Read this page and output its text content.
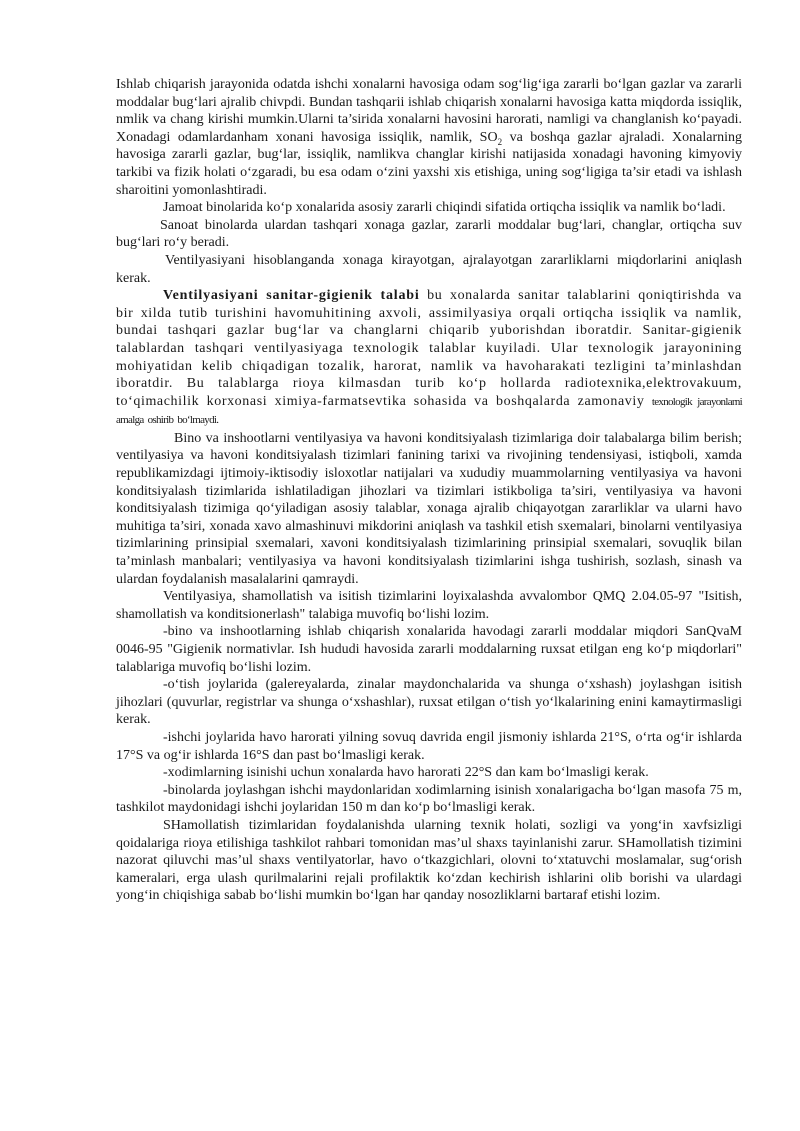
Ishlab chiqarish jarayonida odatda ishchi xonalarni havosiga odam sog‘lig‘iga zararli bo‘lgan gazlar va zararli moddalar bug‘lari ajralib chivpdi. Bundan tashqarii ishlab chiqarish xonalarni havosiga katta miqdorda issiqlik, nmlik va chang kirishi mumkin.Ularni ta’sirida xonalarni havosini harorati, namligi va changlanish ko‘payadi. Xonadagi odamlardanham xonani havosiga issiqlik, namlik, $SO_2$ va boshqa gazlar ajraladi. Xonalarning havosiga zararli gazlar, bug‘lar, issiqlik, namlikva changlar kirishi natijasida xonadagi havoning kimyoviy tarkibi va fizik holati o‘zgaradi, bu esa odam o‘zini yaxshi xis etishiga, uning sog‘ligiga ta’sir etadi va ishlash sharoitini yomonlashtiradi.

Jamoat binolarida ko‘p xonalarida asosiy zararli chiqindi sifatida ortiqcha issiqlik va namlik bo‘ladi.

Sanoat binolarda ulardan tashqari xonaga gazlar, zararli moddalar bug‘lari, changlar, ortiqcha suv bug‘lari ro‘y beradi.

Ventilyasiyani hisoblanganda xonaga kirayotgan, ajralayotgan zararliklarni miqdorlarini aniqlash kerak.

Ventilyasiyani sanitar-gigienik talabi bu xonalarda sanitar talablarini qoniqtirishda va bir xilda tutib turishini havomuhitining axvoli, assimilyasiya orqali ortiqcha issiqlik va namlik, bundai tashqari gazlar bug‘lar va changlarni chiqarib yuborishdan iboratdir. Sanitar-gigienik talablardan tashqari ventilyasiyaga texnologik talablar kuyiladi. Ular texnologik jarayonining mohiyatidan kelib chiqadigan tozalik, harorat, namlik va havoharakati tezligini ta’minlashdan iboratdir. Bu talablarga rioya kilmasdan turib ko‘p hollarda radiotexnika,elektrovakuum, to‘qimachilik korxonasi ximiya-farmatsevtika sohasida va boshqalarda zamonaviy texnologik jarayonlarni amalga oshirib bo‘lmaydi.

Bino va inshootlarni ventilyasiya va havoni konditsiyalash tizimlariga doir talabalarga bilim berish; ventilyasiya va havoni konditsiyalash tizimlari fanining tarixi va rivojining tendensiyasi, istiqboli, xamda republikamizdagi ijtimoiy-iktisodiy isloxotlar natijalari va xududiy muammolarning ventilyasiya va havoni konditsiyalash tizimlarida ishlatiladigan jihozlari va tizimlari istikboliga ta’siri, ventilyasiya va havoni konditsiyalash tizimiga qo‘yiladigan asosiy talablar, xonaga ajralib chiqayotgan zararliklar va ularni havo muhitiga ta’siri, xonada xavo almashinuvi mikdorini aniqlash va tashkil etish sxemalari, binolarni ventilyasiya tizimlarining prinsipial sxemalari, xavoni konditsiyalash tizimlarining prinsipial sxemalari, sovuqlik bilan ta’minlash manbalari; ventilyasiya va havoni konditsiyalash tizimlarini ishga tushirish, sozlash, sinash va ulardan foydalanish masalalarini qamraydi.

Ventilyasiya, shamollatish va isitish tizimlarini loyixalashda avvalombor QMQ 2.04.05-97 "Isitish, shamollatish va konditsionerlash" talabiga muvofiq bo‘lishi lozim.

-bino va inshootlarning ishlab chiqarish xonalarida havodagi zararli moddalar miqdori SanQvaM 0046-95 "Gigienik normativlar. Ish hududi havosida zararli moddalarning ruxsat etilgan eng ko‘p miqdorlari" talablariga muvofiq bo‘lishi lozim.

-o‘tish joylarida (galereyalarda, zinalar maydonchalarida va shunga o‘xshash) joylashgan isitish jihozlari (quvurlar, registrlar va shunga o‘xshashlar), ruxsat etilgan o‘tish yo‘lkalarining enini kamaytirmasligi kerak.

-ishchi joylarida havo harorati yilning sovuq davrida engil jismoniy ishlarda 21°S, o‘rta og‘ir ishlarda 17°S va og‘ir ishlarda 16°S dan past bo‘lmasligi kerak.

-xodimlarning isinishi uchun xonalarda havo harorati 22°S dan kam bo‘lmasligi kerak.

-binolarda joylashgan ishchi maydonlaridan xodimlarning isinish xonalarigacha bo‘lgan masofa 75 m, tashkilot maydonidagi ishchi joylaridan 150 m dan ko‘p bo‘lmasligi kerak.

SHamollatish tizimlaridan foydalanishda ularning texnik holati, sozligi va yong‘in xavfsizligi qoidalariga rioya etilishiga tashkilot rahbari tomonidan mas’ul shaxs tayinlanishi zarur. SHamollatish tizimini nazorat qiluvchi mas’ul shaxs ventilyatorlar, havo o‘tkazgichlari, olovni to‘xtatuvchi moslamalar, sug‘orish kameralari, erga ulash qurilmalarini rejali profilaktik ko‘zdan kechirish ishlarini olib borishi va ulardagi yong‘in chiqishiga sabab bo‘lishi mumkin bo‘lgan har qanday nosozliklarni bartaraf etishi lozim.
